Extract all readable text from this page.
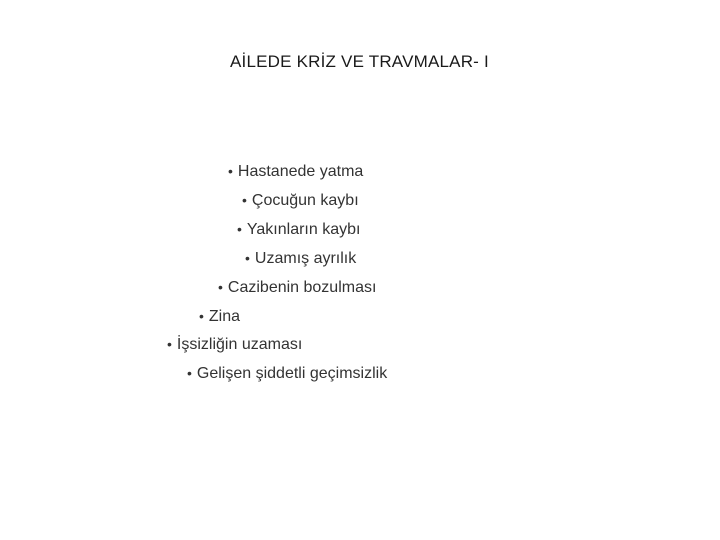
AİLEDE KRİZ VE TRAVMALAR- I
• Hastanede yatma
• Çocuğun kaybı
• Yakınların kaybı
• Uzamış ayrılık
• Cazibenin bozulması
• Zina
• İşsizliğin uzaması
• Gelişen şiddetli geçimsizlik
